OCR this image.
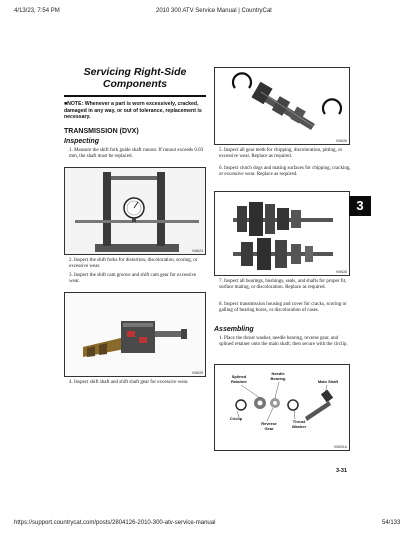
4/13/23, 7:54 PM	2010 300 ATV Service Manual | CountryCat
https://support.countrycat.com/posts/2804126-2010-300-atv-service-manual	54/133
Servicing Right-Side
Components
■NOTE: Whenever a part is worn excessively, cracked, damaged in any way, or out of tolerance, replacement is necessary.
TRANSMISSION (DVX)
Inspecting
1. Measure the shift fork guide shaft runout. If runout exceeds 0.03 mm, the shaft must be replaced.
KM623
2. Inspect the shift forks for distortion, discoloration, scoring, or excessive wear.
3. Inspect the shift cam groove and shift cam gear for excessive wear.
KM625
4. Inspect shift shaft and shift shaft gear for excessive wear.
KM626
5. Inspect all gear teeth for chipping, discoloration, pitting, or excessive wear. Replace as required.
6. Inspect clutch dogs and mating surfaces for chipping, cracking, or excessive wear. Replace as required.
KM628
7. Inspect all bearings, bushings, seals, and shafts for proper fit, surface mating, or discoloration. Replace as required.
8. Inspect transmission housing and cover for cracks, scoring or galling of bearing bores, or discoloration of cases.
Assembling
1. Place the thrust washer, needle bearing, reverse gear, and splined retainer onto the main shaft; then secure with the circlip.
Splined Retainer
Needle Bearing
Main Shaft
Circlip
Reverse Gear
Thrust Washer
KM631A
3
3-31
